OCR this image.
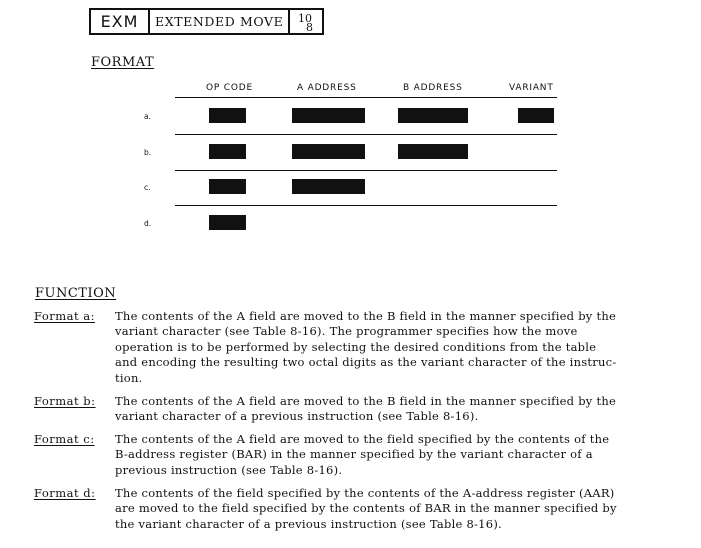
EXM	EXTENDED MOVE	10
8
FORMAT
OP CODE	A ADDRESS	B ADDRESS	VARIANT
a.
b.
c.
d.
FUNCTION
Format a: The contents of the A field are moved to the B field in the manner specified by the
variant character (see Table 8-16). The programmer specifies how the move
operation is to be performed by selecting the desired conditions from the table
and encoding the resulting two octal digits as the variant character of the instruc-
tion.
Format b: The contents of the A field are moved to the B field in the manner specified by the
variant character of a previous instruction (see Table 8-16).
Format c: The contents of the A field are moved to the field specified by the contents of the
B-address register (BAR) in the manner specified by the variant character of a
previous instruction (see Table 8-16).
Format d: The contents of the field specified by the contents of the A-address register (AAR)
are moved to the field specified by the contents of BAR in the manner specified by
the variant character of a previous instruction (see Table 8-16).
